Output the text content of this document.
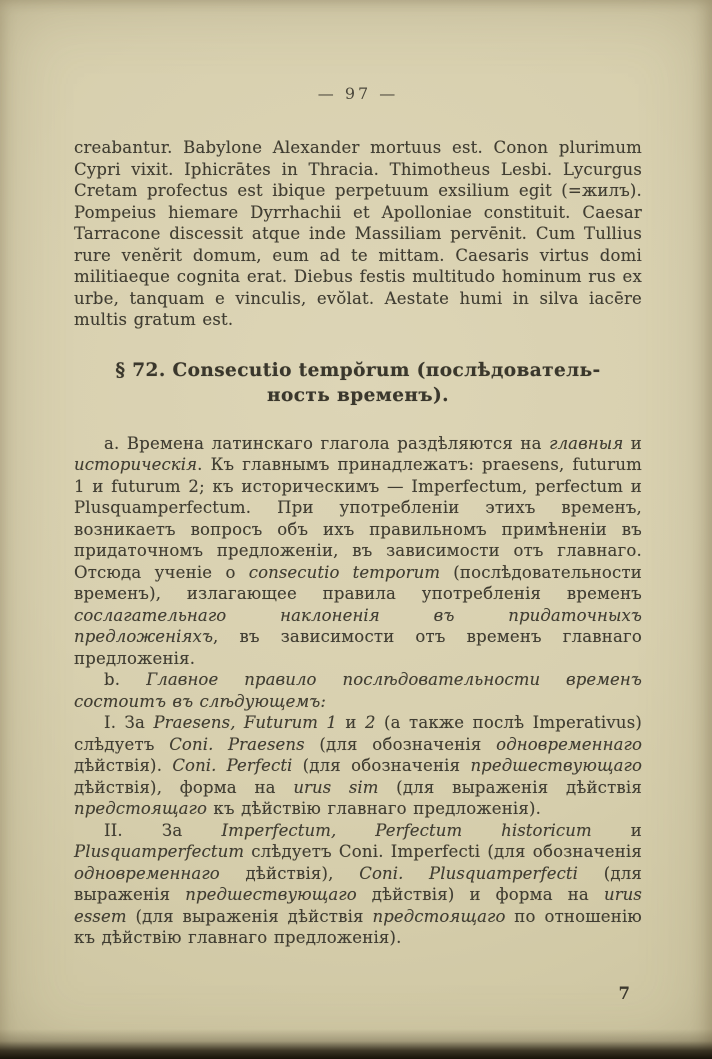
— 97 —

creabantur. Babylone Alexander mortuus est. Conon plurimum Cypri vixit. Iphicrātes in Thracia. Thimotheus Lesbi. Lycurgus Cretam profectus est ibique perpetuum exsilium egit (=жилъ). Pompeius hiemare Dyrrhachii et Apolloniae constituit. Caesar Tarracone discessit atque inde Massiliam pervēnit. Cum Tullius rure venĕrit domum, eum ad te mittam. Caesaris virtus domi militiaeque cognita erat. Diebus festis multitudo hominum rus ex urbe, tanquam e vinculis, evŏlat. Aestate humi in silva iacēre multis gratum est.

§ 72. Consecutio tempŏrum (послѣдователь-
ность временъ).

a. Времена латинскаго глагола раздѣляются на главныя и историческія. Къ главнымъ принадлежатъ: praesens, futurum 1 и futurum 2; къ историческимъ — Imperfectum, perfectum и Plusquamperfectum. При употребленіи этихъ временъ, возникаетъ вопросъ объ ихъ правильномъ примѣненіи въ придаточномъ предложеніи, въ зависимости отъ главнаго. Отсюда ученіе о consecutio temporum (послѣдовательности временъ), излагающее правила употребленія временъ сослагательнаго наклоненія въ придаточныхъ предложеніяхъ, въ зависимости отъ временъ главнаго предложенія.

b. Главное правило послѣдовательности временъ состоитъ въ слѣдующемъ:

I. За Praesens, Futurum 1 и 2 (а также послѣ Imperativus) слѣдуетъ Coni. Praesens (для обозначенія одновременнаго дѣйствія). Coni. Perfecti (для обозначенія предшествующаго дѣйствія), форма на urus sim (для выраженія дѣйствія предстоящаго къ дѣйствію главнаго предложенія).

II. За Imperfectum, Perfectum historicum и Plusquamperfectum слѣдуетъ Coni. Imperfecti (для обозначенія одновременнаго дѣйствія), Coni. Plusquamperfecti (для выраженія предшествующаго дѣйствія) и форма на urus essem (для выраженія дѣйствія предстоящаго по отношенію къ дѣйствію главнаго предложенія).

7
